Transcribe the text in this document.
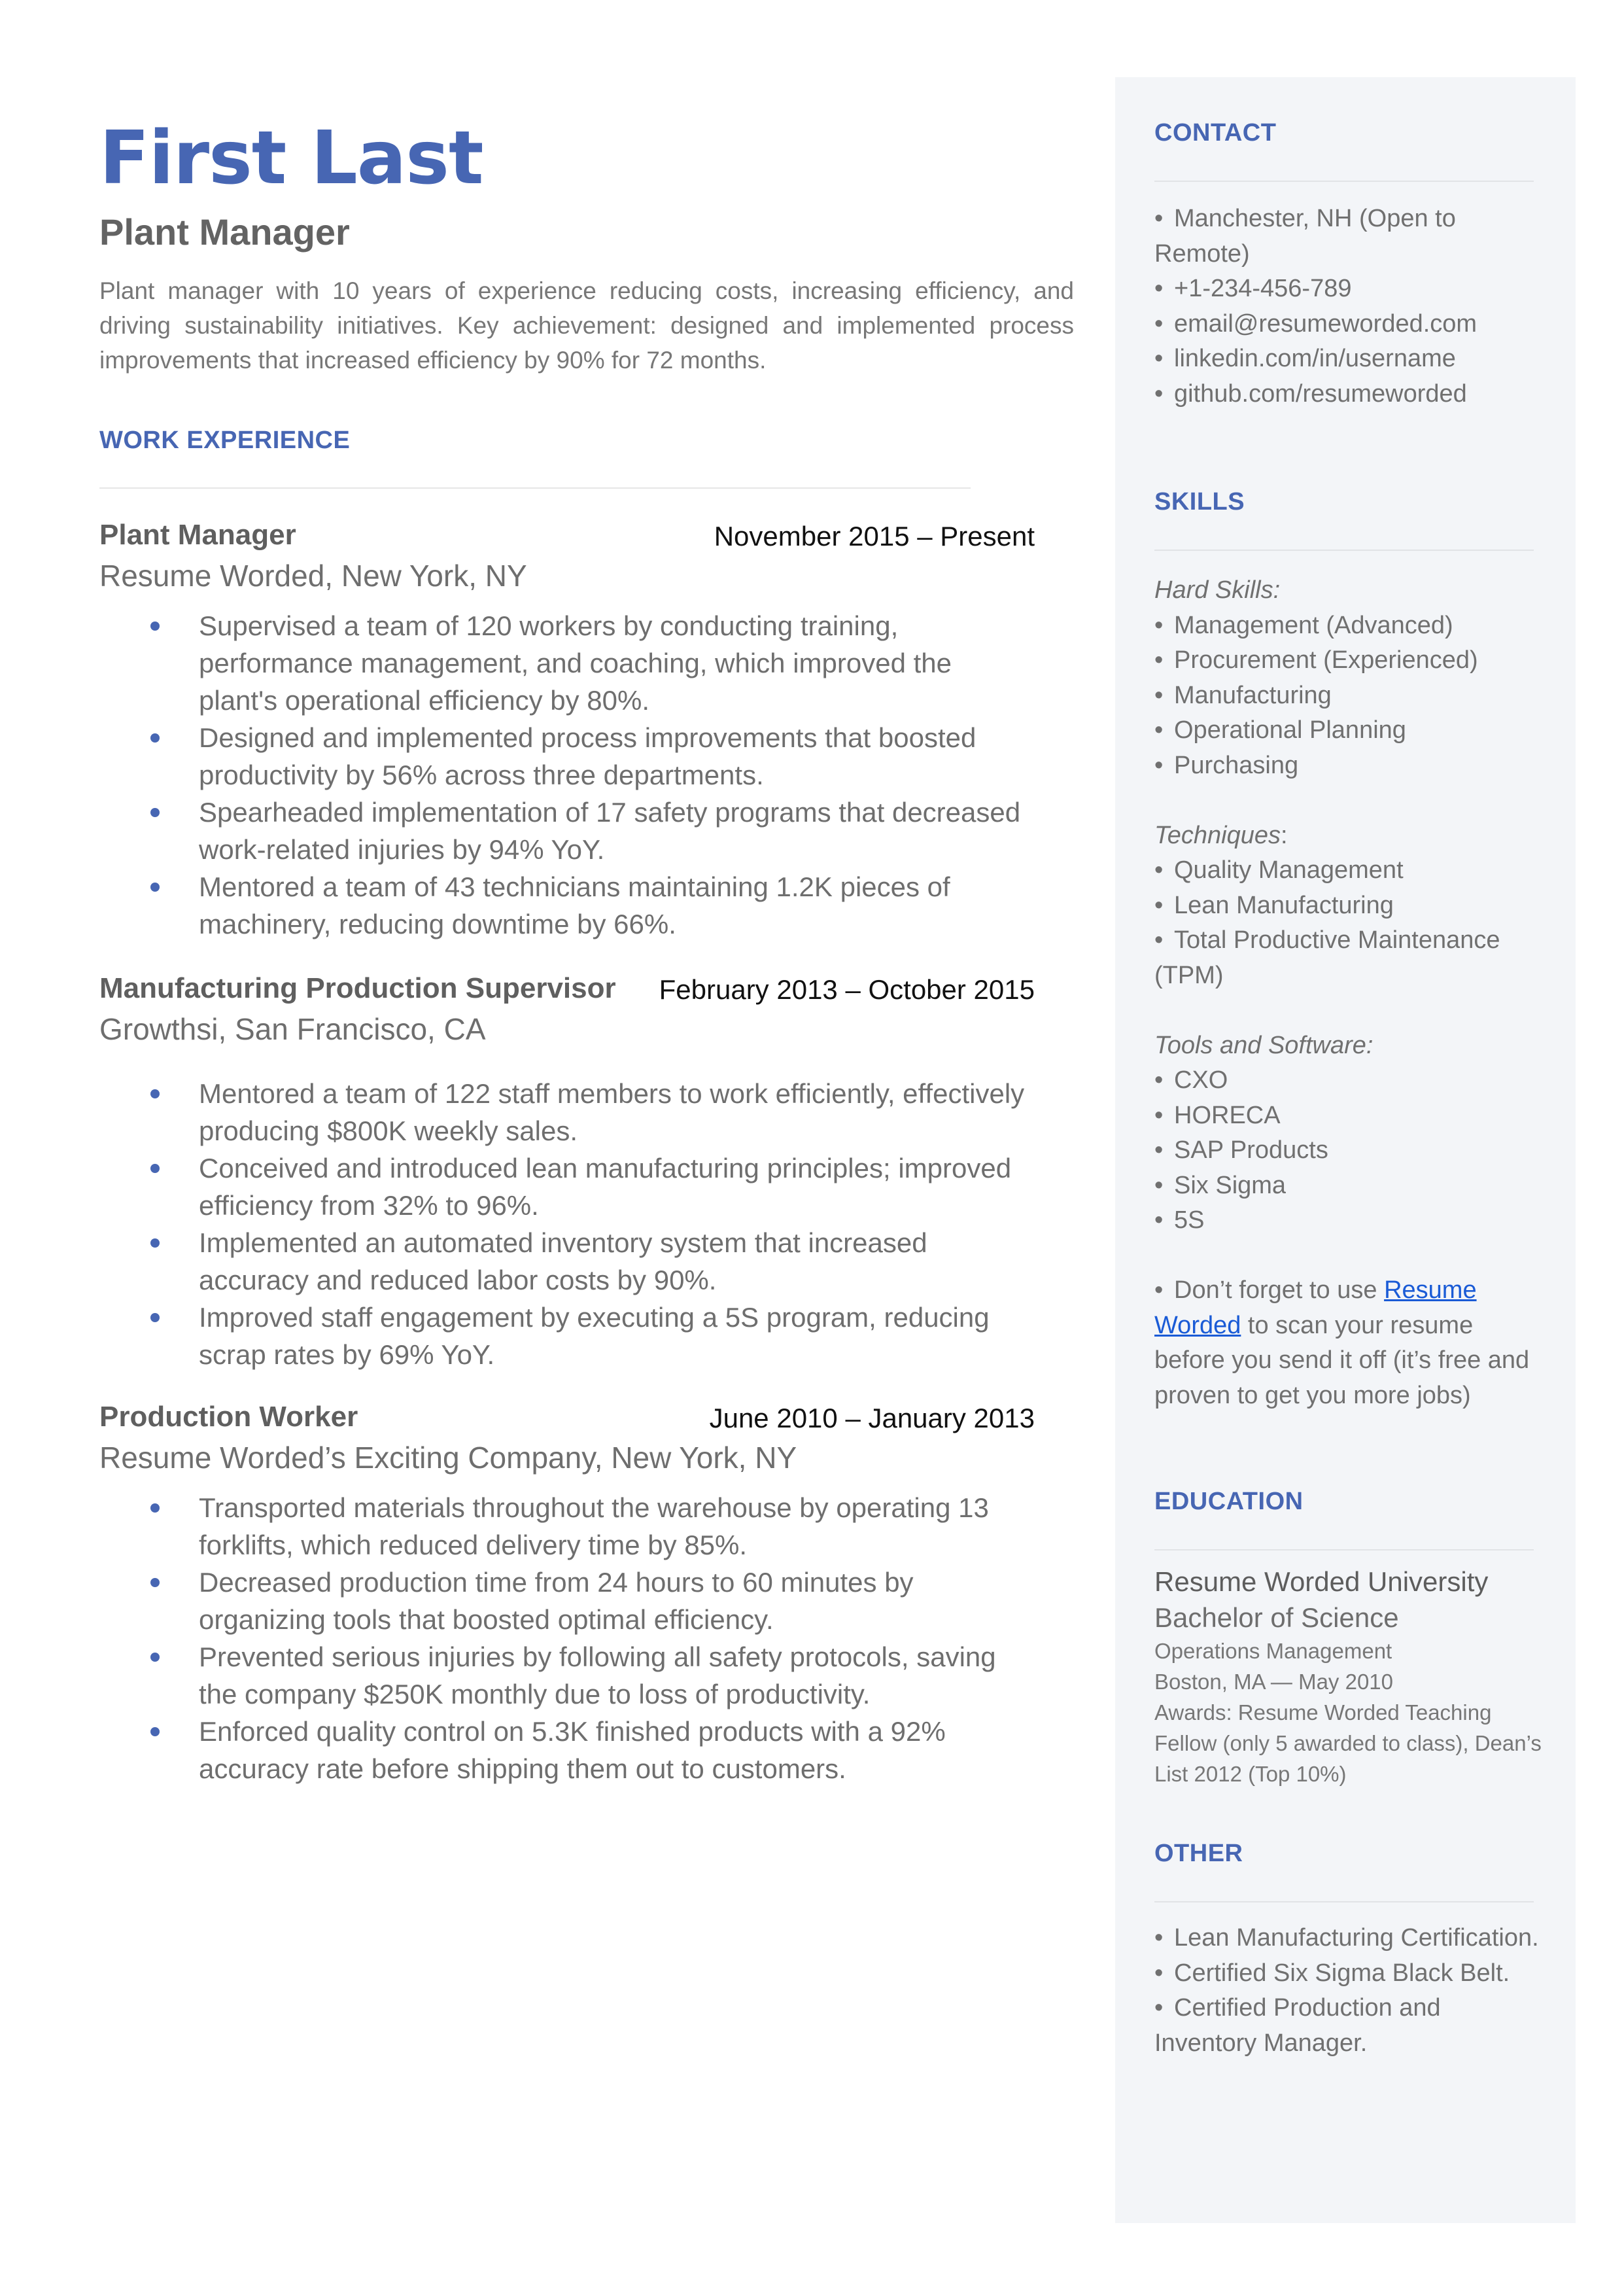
First Last
Plant Manager

Plant manager with 10 years of experience reducing costs, increasing efficiency, and driving sustainability initiatives. Key achievement: designed and implemented process improvements that increased efficiency by 90% for 72 months.

WORK EXPERIENCE

Plant Manager	November 2015 – Present

Resume Worded, New York, NY

Supervised a team of 120 workers by conducting training, performance management, and coaching, which improved the plant's operational efficiency by 80%.
Designed and implemented process improvements that boosted productivity by 56% across three departments.
Spearheaded implementation of 17 safety programs that decreased work-related injuries by 94% YoY.
Mentored a team of 43 technicians maintaining 1.2K pieces of machinery, reducing downtime by 66%.

Manufacturing Production Supervisor February 2013 – October 2015

Growthsi, San Francisco, CA

Mentored a team of 122 staff members to work efficiently, effectively producing $800K weekly sales.
Conceived and introduced lean manufacturing principles; improved efficiency from 32% to 96%.
Implemented an automated inventory system that increased accuracy and reduced labor costs by 90%.
Improved staff engagement by executing a 5S program, reducing scrap rates by 69% YoY.

Production Worker	June 2010 – January 2013

Resume Worded’s Exciting Company, New York, NY

Transported materials throughout the warehouse by operating 13 forklifts, which reduced delivery time by 85%.
Decreased production time from 24 hours to 60 minutes by organizing tools that boosted optimal efficiency.
Prevented serious injuries by following all safety protocols, saving the company $250K monthly due to loss of productivity.
Enforced quality control on 5.3K finished products with a 92% accuracy rate before shipping them out to customers.
CONTACT
• Manchester, NH (Open to
Remote)
• +1-234-456-789
• email@resumeworded.com
• linkedin.com/in/username
• github.com/resumeworded
SKILLS
Hard Skills:
• Management (Advanced)
• Procurement (Experienced)
• Manufacturing
• Operational Planning
• Purchasing

Techniques:
• Quality Management
• Lean Manufacturing
• Total Productive Maintenance
(TPM)

Tools and Software:
• CXO
• HORECA
• SAP Products
• Six Sigma
• 5S

• Don’t forget to use Resume
Worded to scan your resume
before you send it off (it’s free and
proven to get you more jobs)
EDUCATION
Resume Worded University
Bachelor of Science
Operations Management
Boston, MA — May 2010
Awards: Resume Worded Teaching
Fellow (only 5 awarded to class), Dean’s
List 2012 (Top 10%)
OTHER
• Lean Manufacturing Certification.
• Certified Six Sigma Black Belt.
• Certified Production and
Inventory Manager.
